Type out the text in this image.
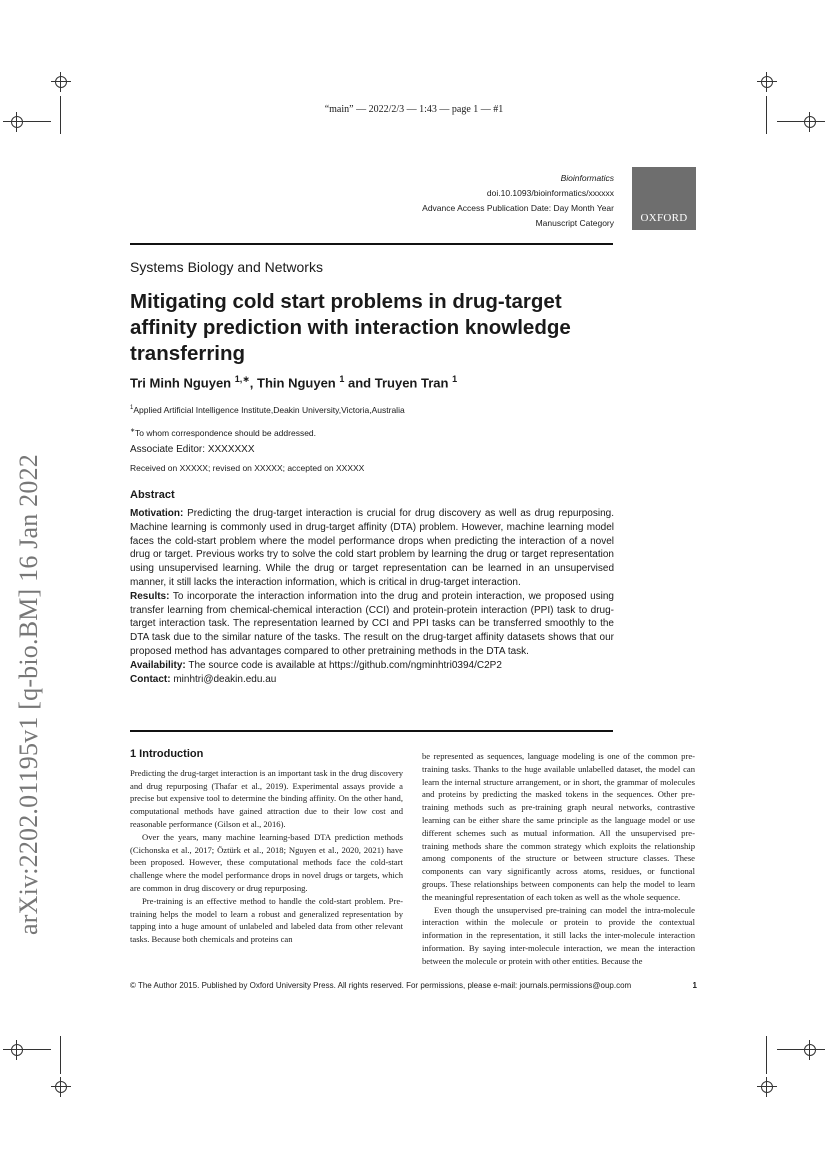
“main” — 2022/2/3 — 1:43 — page 1 — #1
Bioinformatics
doi.10.1093/bioinformatics/xxxxxx
Advance Access Publication Date: Day Month Year
Manuscript Category	OXFORD
Systems Biology and Networks
Mitigating cold start problems in drug-target affinity prediction with interaction knowledge transferring
Tri Minh Nguyen $^{1,∗}$, Thin Nguyen $^1$ and Truyen Tran $^1$
$^1$Applied Artificial Intelligence Institute,Deakin University,Victoria,Australia
∗To whom correspondence should be addressed.
Associate Editor: XXXXXXX
Received on XXXXX; revised on XXXXX; accepted on XXXXX
Abstract

Motivation: Predicting the drug-target interaction is crucial for drug discovery as well as drug repurposing. Machine learning is commonly used in drug-target affinity (DTA) problem. However, machine learning model faces the cold-start problem where the model performance drops when predicting the interaction of a novel drug or target. Previous works try to solve the cold start problem by learning the drug or target representation using unsupervised learning. While the drug or target representation can be learned in an unsupervised manner, it still lacks the interaction information, which is critical in drug-target interaction.

Results: To incorporate the interaction information into the drug and protein interaction, we proposed using transfer learning from chemical-chemical interaction (CCI) and protein-protein interaction (PPI) task to drug-target interaction task. The representation learned by CCI and PPI tasks can be transferred smoothly to the DTA task due to the similar nature of the tasks. The result on the drug-target affinity datasets shows that our proposed method has advantages compared to other pretraining methods in the DTA task.

Availability: The source code is available at https://github.com/ngminhtri0394/C2P2

Contact: minhtri@deakin.edu.au

arXiv:2202.01195v1 [q-bio.BM] 16 Jan 2022	1 Introduction

Predicting the drug-target interaction is an important task in the drug discovery and drug repurposing (Thafar et al., 2019). Experimental assays provide a precise but expensive tool to determine the binding affinity. On the other hand, computational methods have gained attraction due to their low cost and reasonable performance (Gilson et al., 2016).

Over the years, many machine learning-based DTA prediction methods (Cichonska et al., 2017; Öztürk et al., 2018; Nguyen et al., 2020, 2021) have been proposed. However, these computational methods face the cold-start challenge where the model performance drops in novel drugs or targets, which are common in drug discovery or drug repurposing.

Pre-training is an effective method to handle the cold-start problem. Pre-training helps the model to learn a robust and generalized representation by tapping into a huge amount of unlabeled and labeled data from other relevant tasks. Because both chemicals and proteins can

be represented as sequences, language modeling is one of the common pre-training tasks. Thanks to the huge available unlabelled dataset, the model can learn the internal structure arrangement, or in short, the grammar of molecules and proteins by predicting the masked tokens in the sequences. Other pre-training methods such as pre-training graph neural networks, contrastive learning can be either share the same principle as the language model or use different schemes such as mutual information. All the unsupervised pre-training methods share the common strategy which exploits the relationship among components of the structure or between structure classes. These components can vary significantly across atoms, residues, or functional groups. These relationships between components can help the model to learn the meaningful representation of each token as well as the whole sequence.

Even though the unsupervised pre-training can model the intra-molecule interaction within the molecule or protein to provide the contextual information in the representation, it still lacks the inter-molecule interaction information. By saying inter-molecule interaction, we mean the interaction between the molecule or protein with other entities. Because the

© The Author 2015. Published by Oxford University Press. All rights reserved. For permissions, please e-mail: journals.permissions@oup.com	1
